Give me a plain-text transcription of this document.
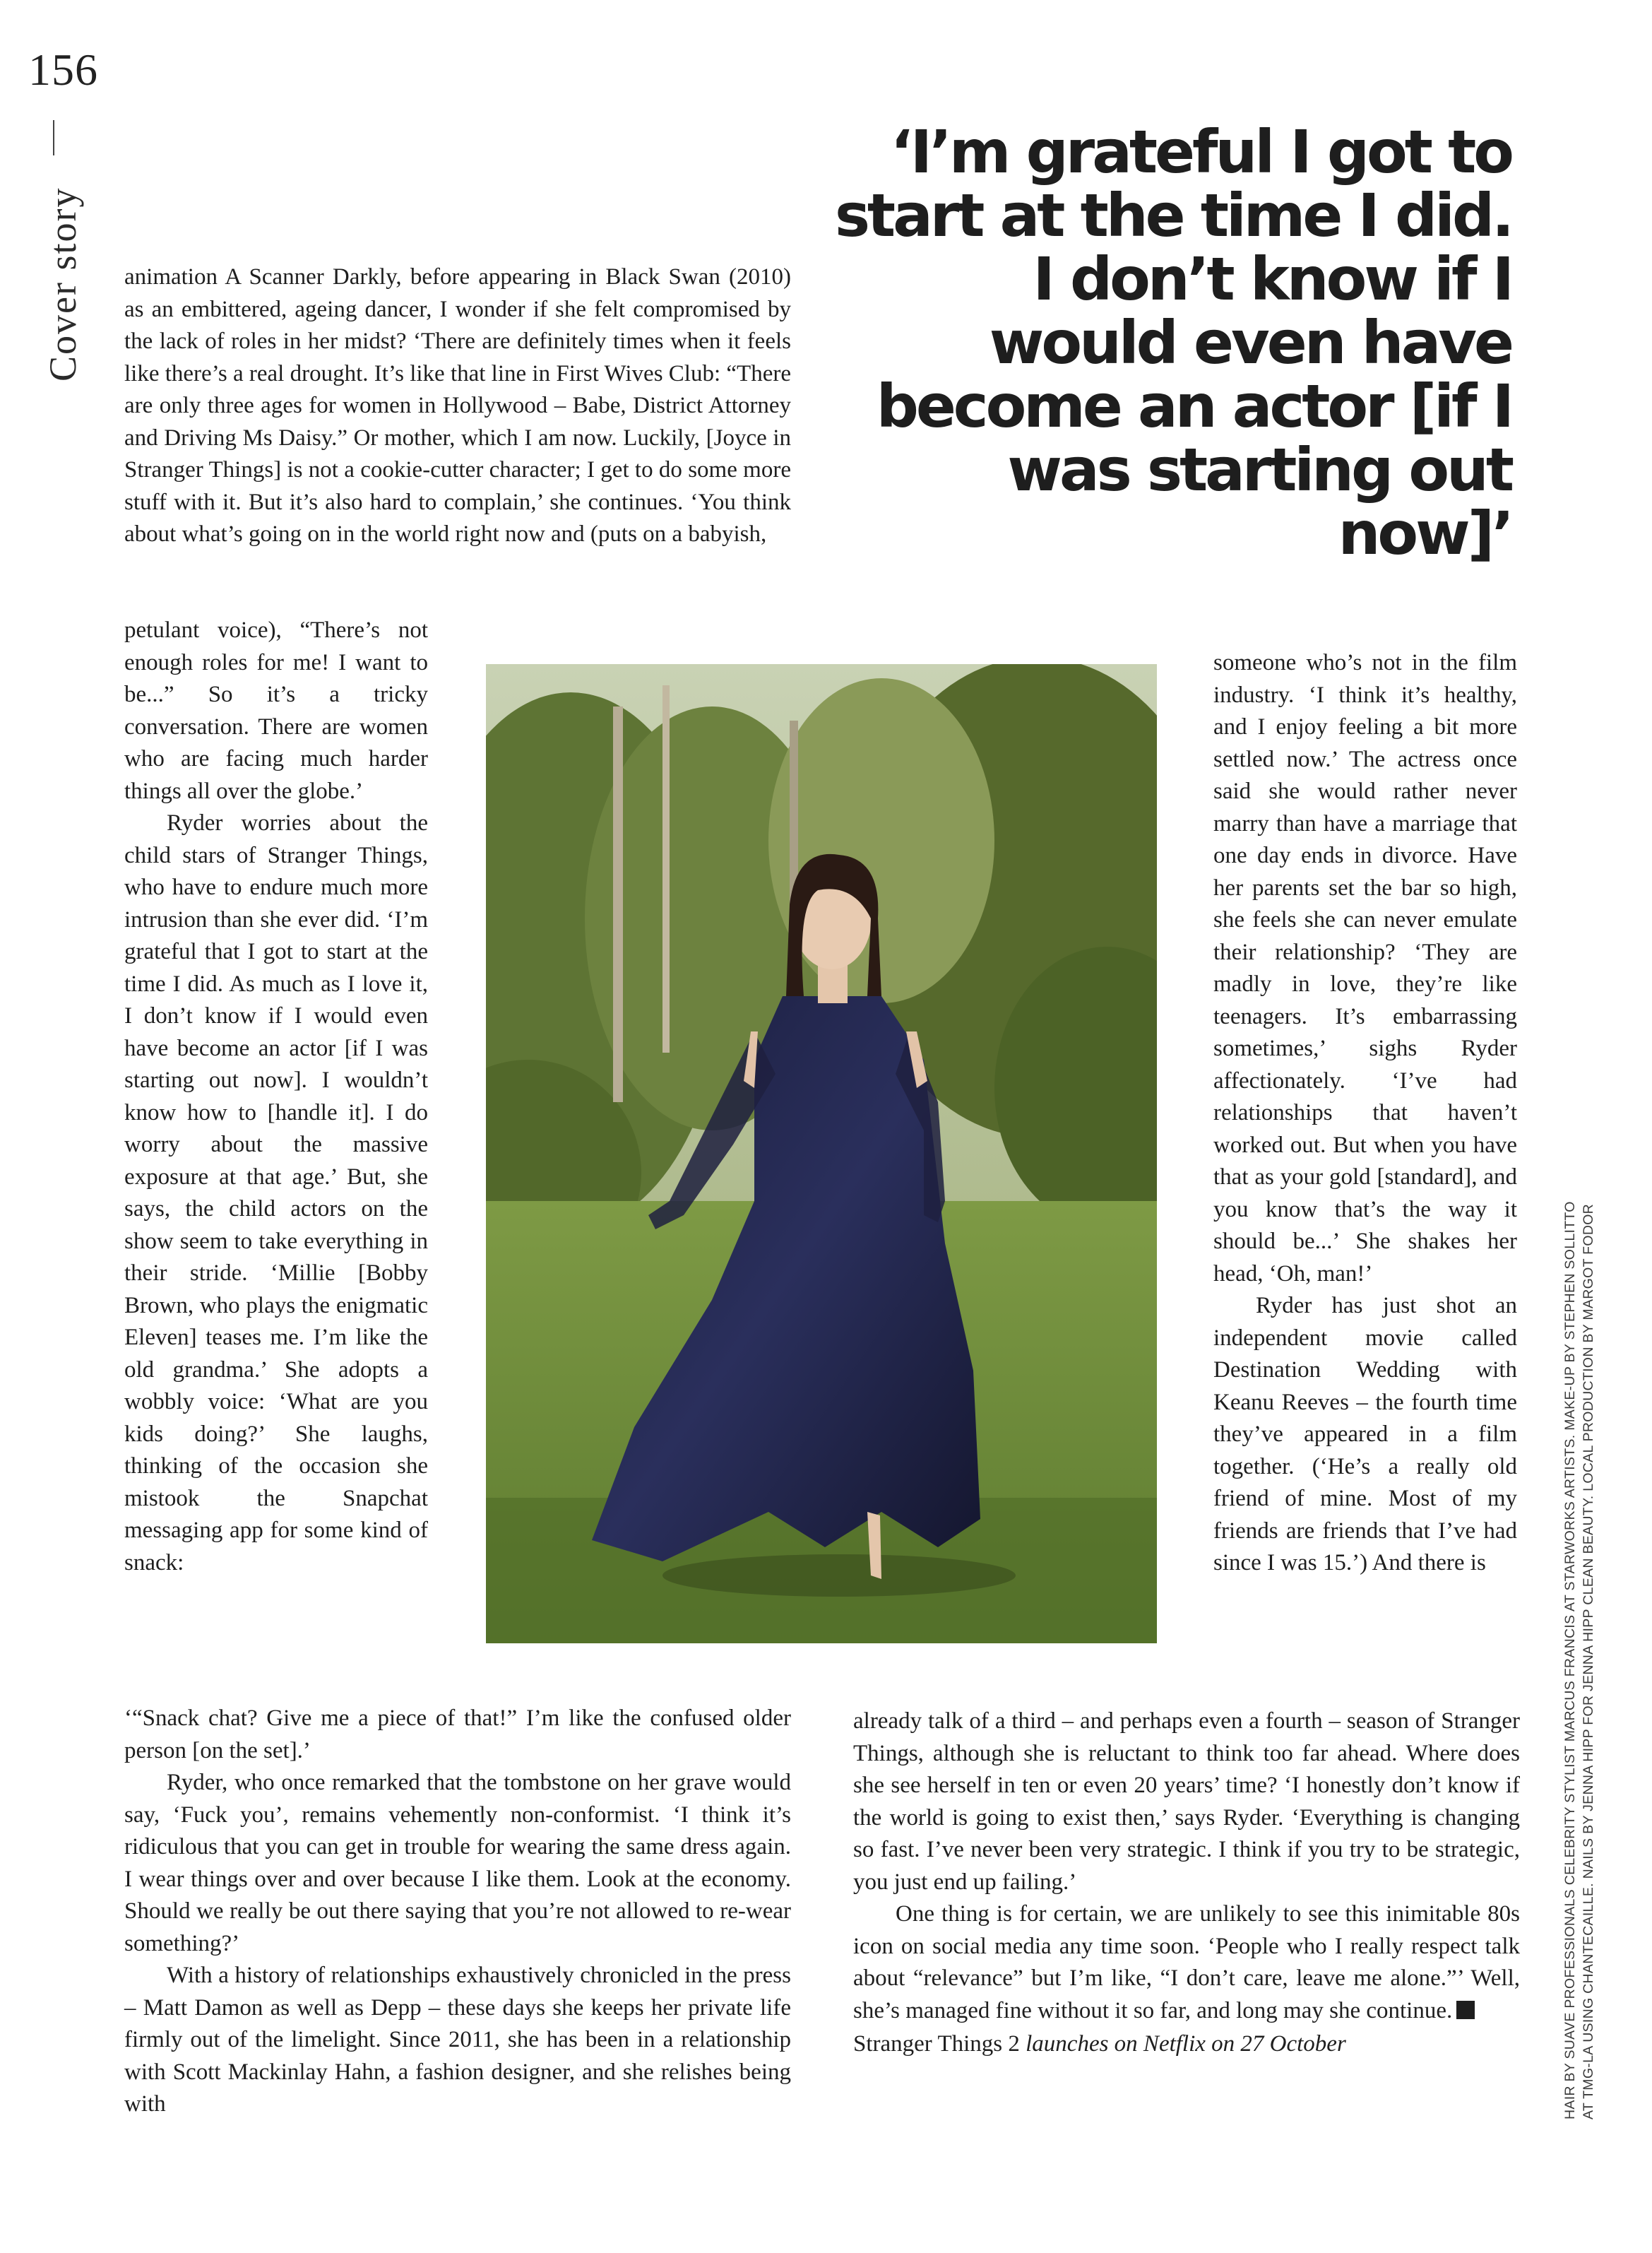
156
Cover story
‘I’m grateful I got to start at the time I did. I don’t know if I would even have become an actor [if I was starting out now]’

animation A Scanner Darkly, before appearing in Black Swan (2010) as an embittered, ageing dancer, I wonder if she felt compromised by the lack of roles in her midst? ‘There are definitely times when it feels like there’s a real drought. It’s like that line in First Wives Club: “There are only three ages for women in Hollywood – Babe, District Attorney and Driving Ms Daisy.” Or mother, which I am now. Luckily, [Joyce in Stranger Things] is not a cookie-cutter character; I get to do some more stuff with it. But it’s also hard to complain,’ she continues. ‘You think about what’s going on in the world right now and (puts on a babyish,

petulant voice), “There’s not enough roles for me! I want to be...” So it’s a tricky conversation. There are women who are facing much harder things all over the globe.’

Ryder worries about the child stars of Stranger Things, who have to endure much more intrusion than she ever did. ‘I’m grateful that I got to start at the time I did. As much as I love it, I don’t know if I would even have become an actor [if I was starting out now]. I wouldn’t know how to [handle it]. I do worry about the massive exposure at that age.’ But, she says, the child actors on the show seem to take everything in their stride. ‘Millie [Bobby Brown, who plays the enigmatic Eleven] teases me. I’m like the old grandma.’ She adopts a wobbly voice: ‘What are you kids doing?’ She laughs, thinking of the occasion she mistook the Snapchat messaging app for some kind of snack:

someone who’s not in the film industry. ‘I think it’s healthy, and I enjoy feeling a bit more settled now.’ The actress once said she would rather never marry than have a marriage that one day ends in divorce. Have her parents set the bar so high, she feels she can never emulate their relationship? ‘They are madly in love, they’re like teenagers. It’s embarrassing sometimes,’ sighs Ryder affectionately. ‘I’ve had relationships that haven’t worked out. But when you have that as your gold [standard], and you know that’s the way it should be...’ She shakes her head, ‘Oh, man!’

Ryder has just shot an independent movie called Destination Wedding with Keanu Reeves – the fourth time they’ve appeared in a film together. (‘He’s a really old friend of mine. Most of my friends are friends that I’ve had since I was 15.’) And there is

‘“Snack chat? Give me a piece of that!” I’m like the confused older person [on the set].’

Ryder, who once remarked that the tombstone on her grave would say, ‘Fuck you’, remains vehemently non-conformist. ‘I think it’s ridiculous that you can get in trouble for wearing the same dress again. I wear things over and over because I like them. Look at the economy. Should we really be out there saying that you’re not allowed to re-wear something?’

With a history of relationships exhaustively chronicled in the press – Matt Damon as well as Depp – these days she keeps her private life firmly out of the limelight. Since 2011, she has been in a relationship with Scott Mackinlay Hahn, a fashion designer, and she relishes being with

already talk of a third – and perhaps even a fourth – season of Stranger Things, although she is reluctant to think too far ahead. Where does she see herself in ten or even 20 years’ time? ‘I honestly don’t know if the world is going to exist then,’ says Ryder. ‘Everything is changing so fast. I’ve never been very strategic. I think if you try to be strategic, you just end up failing.’

One thing is for certain, we are unlikely to see this inimitable 80s icon on social media any time soon. ‘People who I really respect talk about “relevance” but I’m like, “I don’t care, leave me alone.”’ Well, she’s managed fine without it so far, and long may she continue.

Stranger Things 2 launches on Netflix on 27 October	HAIR BY SUAVE PROFESSIONALS CELEBRITY STYLIST MARCUS FRANCIS AT STARWORKS ARTISTS. MAKE-UP BY STEPHEN SOLLITTO AT TMG-LA USING CHANTECAILLE. NAILS BY JENNA HIPP FOR JENNA HIPP CLEAN BEAUTY. LOCAL PRODUCTION BY MARGOT FODOR
